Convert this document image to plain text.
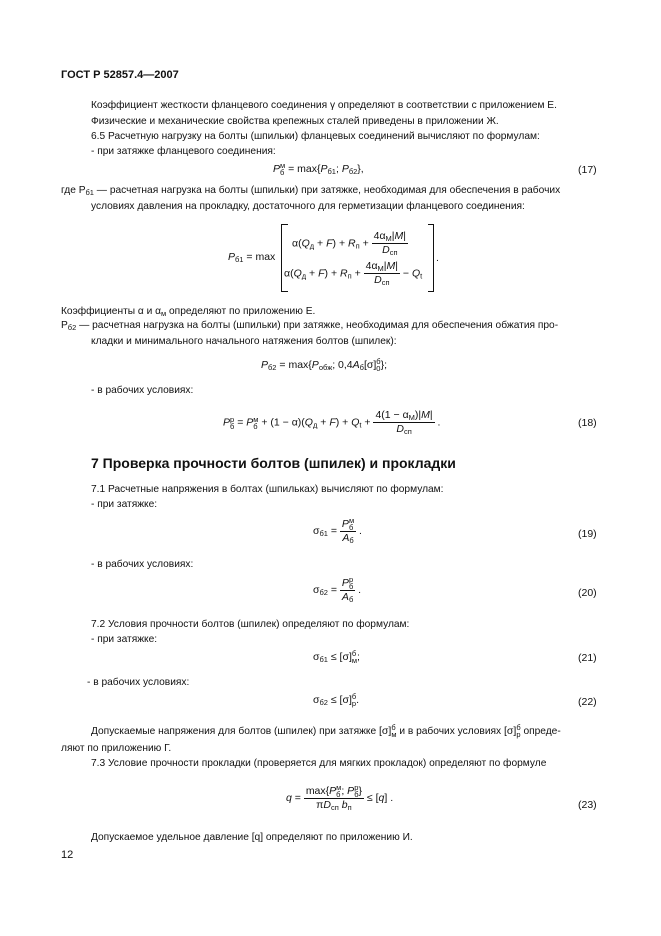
ГОСТ Р 52857.4—2007
Коэффициент жесткости фланцевого соединения γ определяют в соответствии с приложением Е.
Физические и механические свойства крепежных сталей приведены в приложении Ж.
6.5 Расчетную нагрузку на болты (шпильки) фланцевых соединений вычисляют по формулам:
- при затяжке фланцевого соединения:
Pм
$б = \max\{P_{б1}$; $P_{б2}$},	(17)
где $Р_{б1}$ — расчетная нагрузка на болты (шпильки) при затяжке, необходимая для обеспечения в рабочих
условиях давления на прокладку, достаточного для герметизации фланцевого соединения:
$P_{б1} = \max$
$\alpha(Q_д + F) + R_п + \frac{4\alpha_М|M|}{D_{сп}}$
$\alpha(Q_д + F) + R_п + \frac{4\alpha_М|M|}{D_{сп}} - Q_t$
.
Коэффициенты α и $\alpha_м$ определяют по приложению Е.
$Р_{б2}$ — расчетная нагрузка на болты (шпильки) при затяжке, необходимая для обеспечения обжатия про-
кладки и минимального начального натяжения болтов (шпилек):
$P_{б2} = \max\{P_{обж}$; $0,4A_б[\sigma]б$
0};
- в рабочих условиях:
Pр
б = Pм
$б + (1 - \alpha)(Q_д + F) + Q_t + \frac{4(1 - \alpha_М)|M|}{D_{сп}}$ .	(18)
7 Проверка прочности болтов (шпилек) и прокладки
7.1 Расчетные напряжения в болтах (шпильках) вычисляют по формулам:
- при затяжке:
$\sigma_{б1}$ =
Pм
б
$A_б$
.	(19)
- в рабочих условиях:
$\sigma_{б2}$ =
Pр
б
$A_б$
.	(20)
7.2 Условия прочности болтов (шпилек) определяют по формулам:
- при затяжке:
$\sigma_{б1} \le [\sigma]б$
м;	(21)
- в рабочих условиях:
$\sigma_{б2} \le [\sigma]б$
р.	(22)
Допускаемые напряжения для болтов (шпилек) при затяжке [σ]б
м и в рабочих условиях [σ]б
р опреде-
ляют по приложению Г.
7.3 Условие прочности прокладки (проверяется для мягких прокладок) определяют по формуле
q =
max{Pм
б; Pр
б}
$\pi D_{сп}$ $b_п$
≤ [q] .
(23)
Допускаемое удельное давление [q] определяют по приложению И.
12
